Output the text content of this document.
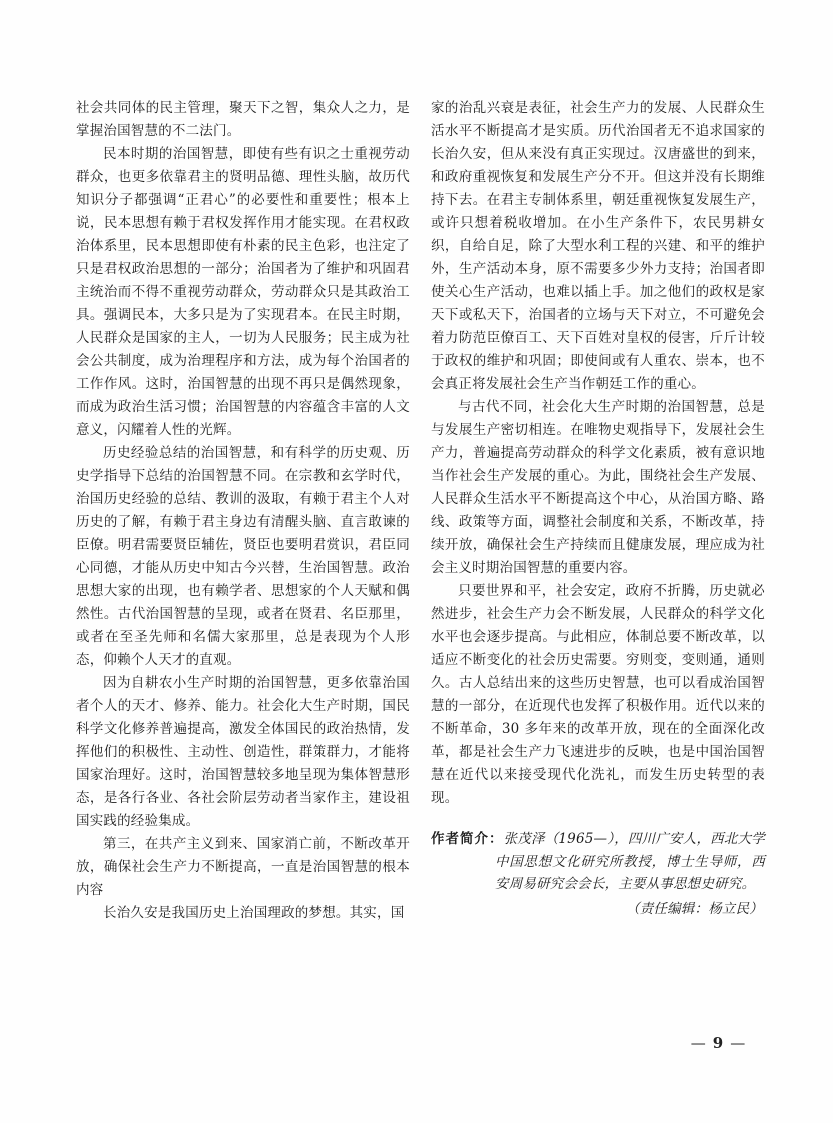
社会共同体的民主管理，聚天下之智，集众人之力，是掌握治国智慧的不二法门。

民本时期的治国智慧，即使有些有识之士重视劳动群众，也更多依靠君主的贤明品德、理性头脑，故历代知识分子都强调“正君心”的必要性和重要性；根本上说，民本思想有赖于君权发挥作用才能实现。在君权政治体系里，民本思想即使有朴素的民主色彩，也注定了只是君权政治思想的一部分；治国者为了维护和巩固君主统治而不得不重视劳动群众，劳动群众只是其政治工具。强调民本，大多只是为了实现君本。在民主时期，人民群众是国家的主人，一切为人民服务；民主成为社会公共制度，成为治理程序和方法，成为每个治国者的工作作风。这时，治国智慧的出现不再只是偶然现象，而成为政治生活习惯；治国智慧的内容蕴含丰富的人文意义，闪耀着人性的光辉。

历史经验总结的治国智慧，和有科学的历史观、历史学指导下总结的治国智慧不同。在宗教和玄学时代，治国历史经验的总结、教训的汲取，有赖于君主个人对历史的了解，有赖于君主身边有清醒头脑、直言敢谏的臣僚。明君需要贤臣辅佐，贤臣也要明君赏识，君臣同心同德，才能从历史中知古今兴替，生治国智慧。政治思想大家的出现，也有赖学者、思想家的个人天赋和偶然性。古代治国智慧的呈现，或者在贤君、名臣那里，或者在至圣先师和名儒大家那里，总是表现为个人形态，仰赖个人天才的直观。

因为自耕农小生产时期的治国智慧，更多依靠治国者个人的天才、修养、能力。社会化大生产时期，国民科学文化修养普遍提高，激发全体国民的政治热情，发挥他们的积极性、主动性、创造性，群策群力，才能将国家治理好。这时，治国智慧较多地呈现为集体智慧形态，是各行各业、各社会阶层劳动者当家作主，建设祖国实践的经验集成。

第三，在共产主义到来、国家消亡前，不断改革开放，确保社会生产力不断提高，一直是治国智慧的根本内容

长治久安是我国历史上治国理政的梦想。其实，国

家的治乱兴衰是表征，社会生产力的发展、人民群众生活水平不断提高才是实质。历代治国者无不追求国家的长治久安，但从来没有真正实现过。汉唐盛世的到来，和政府重视恢复和发展生产分不开。但这并没有长期维持下去。在君主专制体系里，朝廷重视恢复发展生产，或许只想着税收增加。在小生产条件下，农民男耕女织，自给自足，除了大型水利工程的兴建、和平的维护外，生产活动本身，原不需要多少外力支持；治国者即使关心生产活动，也难以插上手。加之他们的政权是家天下或私天下，治国者的立场与天下对立，不可避免会着力防范臣僚百工、天下百姓对皇权的侵害，斤斤计较于政权的维护和巩固；即使间或有人重农、崇本，也不会真正将发展社会生产当作朝廷工作的重心。

与古代不同，社会化大生产时期的治国智慧，总是与发展生产密切相连。在唯物史观指导下，发展社会生产力，普遍提高劳动群众的科学文化素质，被有意识地当作社会生产发展的重心。为此，围绕社会生产发展、人民群众生活水平不断提高这个中心，从治国方略、路线、政策等方面，调整社会制度和关系，不断改革，持续开放，确保社会生产持续而且健康发展，理应成为社会主义时期治国智慧的重要内容。

只要世界和平，社会安定，政府不折腾，历史就必然进步，社会生产力会不断发展，人民群众的科学文化水平也会逐步提高。与此相应，体制总要不断改革，以适应不断变化的社会历史需要。穷则变，变则通，通则久。古人总结出来的这些历史智慧，也可以看成治国智慧的一部分，在近现代也发挥了积极作用。近代以来的不断革命，30 多年来的改革开放，现在的全面深化改革，都是社会生产力飞速进步的反映，也是中国治国智慧在近代以来接受现代化洗礼，而发生历史转型的表现。

作者简介：张茂泽（1965—），四川广安人，西北大学中国思想文化研究所教授，博士生导师，西安周易研究会会长，主要从事思想史研究。
（责任编辑：杨立民）
— 9 —
